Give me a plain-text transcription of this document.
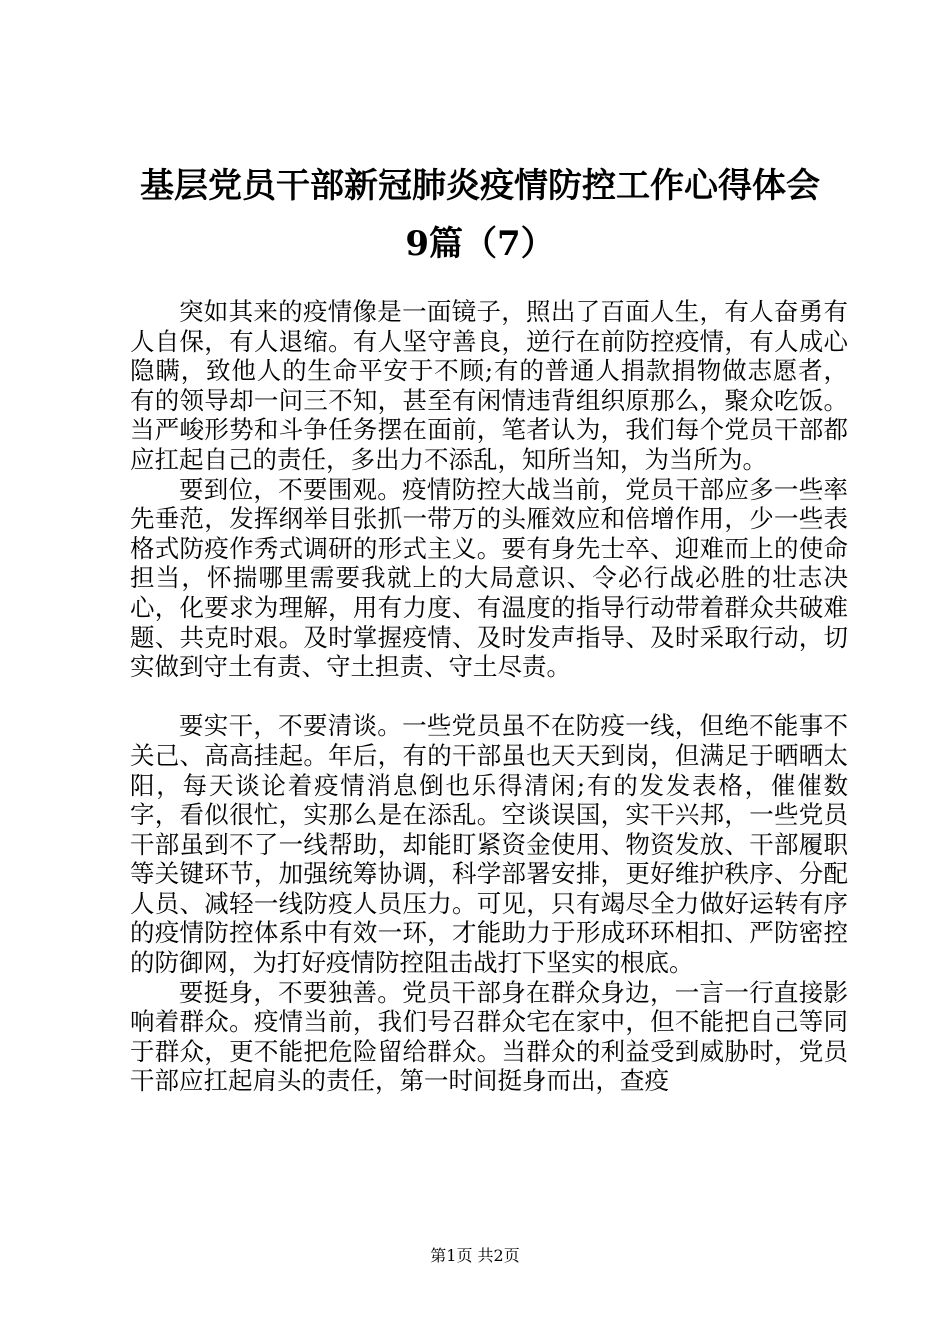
基层党员干部新冠肺炎疫情防控工作心得体会
9篇（7）

突如其来的疫情像是一面镜子，照出了百面人生，有人奋勇有人自保，有人退缩。有人坚守善良，逆行在前防控疫情，有人成心隐瞒，致他人的生命平安于不顾;有的普通人捐款捐物做志愿者，有的领导却一问三不知，甚至有闲情违背组织原那么，聚众吃饭。当严峻形势和斗争任务摆在面前，笔者认为，我们每个党员干部都应扛起自己的责任，多出力不添乱，知所当知，为当所为。

要到位，不要围观。疫情防控大战当前，党员干部应多一些率先垂范，发挥纲举目张抓一带万的头雁效应和倍增作用，少一些表格式防疫作秀式调研的形式主义。要有身先士卒、迎难而上的使命担当，怀揣哪里需要我就上的大局意识、令必行战必胜的壮志决心，化要求为理解，用有力度、有温度的指导行动带着群众共破难题、共克时艰。及时掌握疫情、及时发声指导、及时采取行动，切实做到守土有责、守土担责、守土尽责。

要实干，不要清谈。一些党员虽不在防疫一线，但绝不能事不关己、高高挂起。年后，有的干部虽也天天到岗，但满足于晒晒太阳，每天谈论着疫情消息倒也乐得清闲;有的发发表格，催催数字，看似很忙，实那么是在添乱。空谈误国，实干兴邦，一些党员干部虽到不了一线帮助，却能盯紧资金使用、物资发放、干部履职等关键环节，加强统筹协调，科学部署安排，更好维护秩序、分配人员、减轻一线防疫人员压力。可见，只有竭尽全力做好运转有序的疫情防控体系中有效一环，才能助力于形成环环相扣、严防密控的防御网，为打好疫情防控阻击战打下坚实的根底。

要挺身，不要独善。党员干部身在群众身边，一言一行直接影响着群众。疫情当前，我们号召群众宅在家中，但不能把自己等同于群众，更不能把危险留给群众。当群众的利益受到威胁时，党员干部应扛起肩头的责任，第一时间挺身而出，查疫

第1页 共2页
